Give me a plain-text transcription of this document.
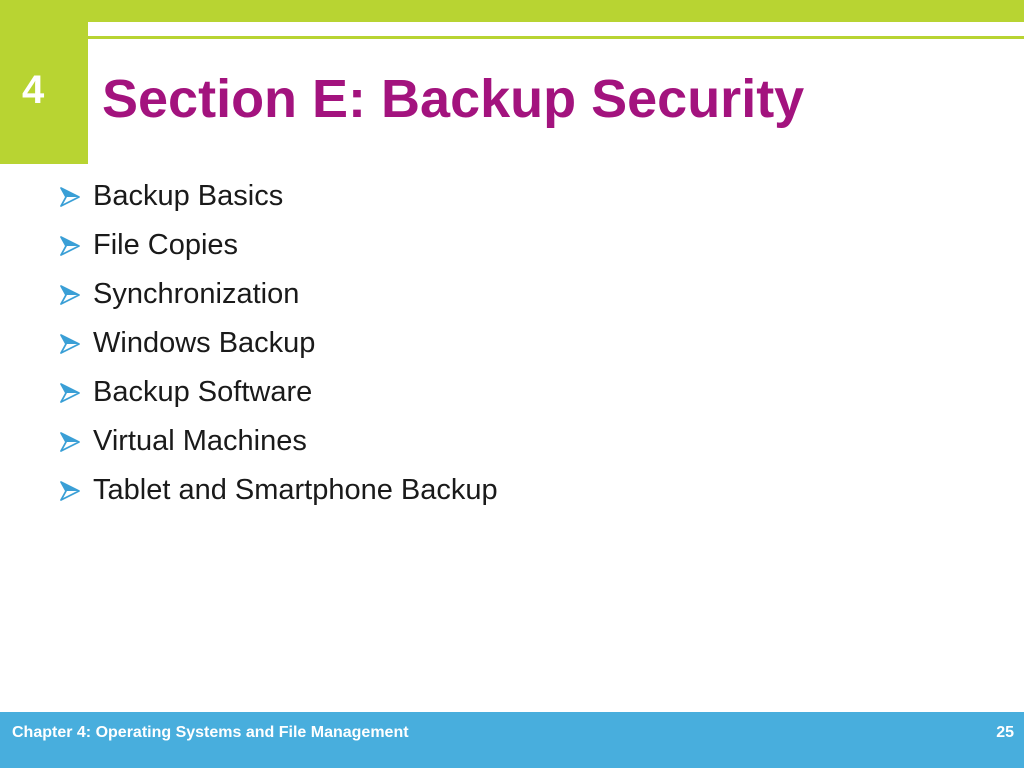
4 Section E: Backup Security
Backup Basics
File Copies
Synchronization
Windows Backup
Backup Software
Virtual Machines
Tablet and Smartphone Backup
Chapter 4: Operating Systems and File Management	25
